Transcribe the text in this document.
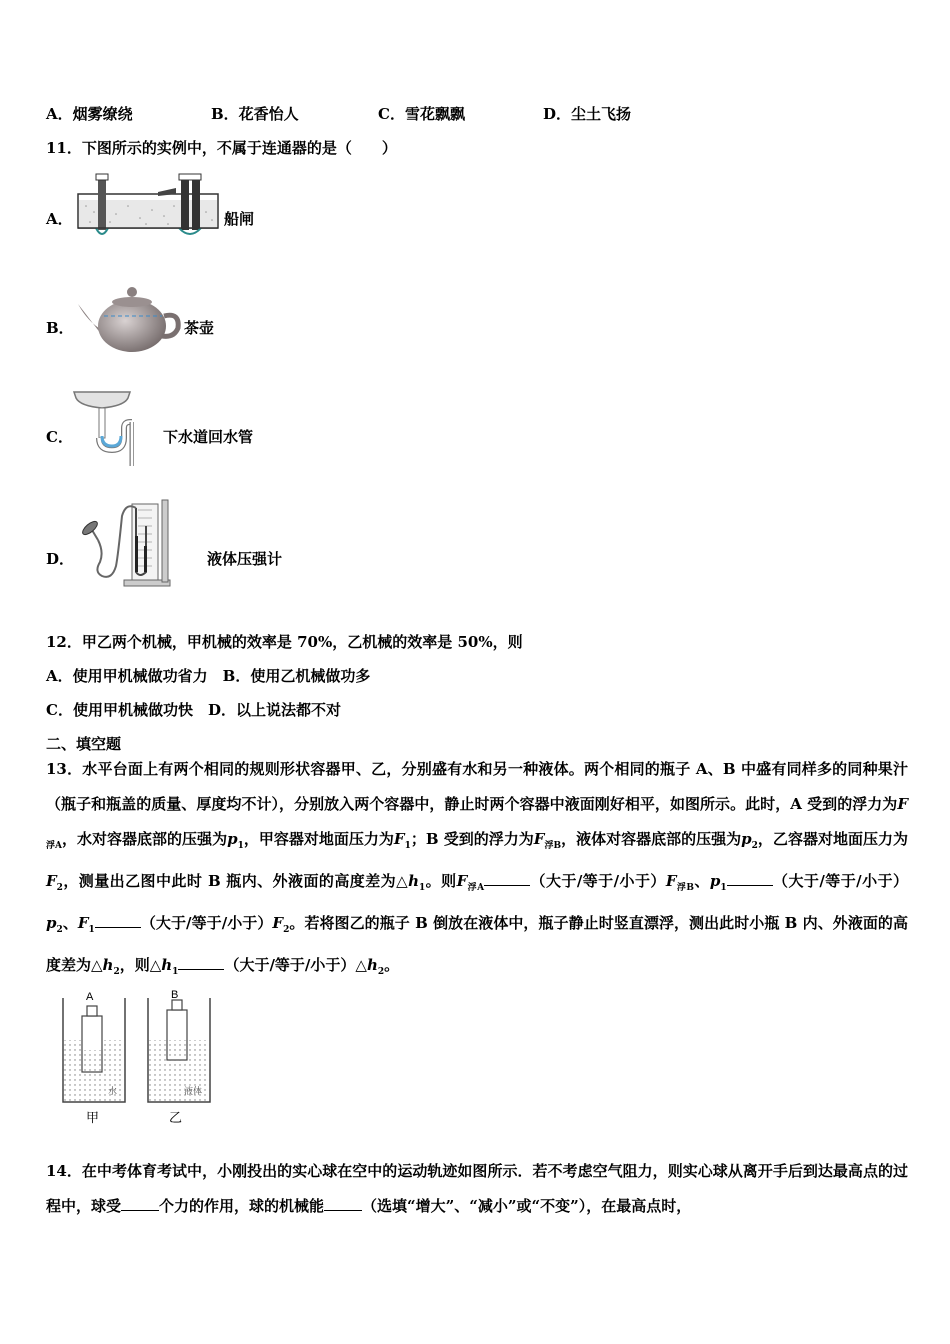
A．烟雾缭绕	B．花香怡人	C．雪花飘飘	D．尘土飞扬
11．下图所示的实例中，不属于连通器的是（　　）
A．	船闸
B．	茶壶
C．	下水道回水管
D．	液体压强计
12．甲乙两个机械，甲机械的效率是 70%，乙机械的效率是 50%，则
A．使用甲机械做功省力　B．使用乙机械做功多
C．使用甲机械做功快　D．以上说法都不对
二、填空题
13．水平台面上有两个相同的规则形状容器甲、乙，分别盛有水和另一种液体。两个相同的瓶子 A、B 中盛有同样多的同种果汁（瓶子和瓶盖的质量、厚度均不计），分别放入两个容器中，静止时两个容器中液面刚好相平，如图所示。此时，A 受到的浮力为$F_{浮A}$，水对容器底部的压强为$p_1$，甲容器对地面压力为$F_1$；B 受到的浮力为$F_{浮B}$，液体对容器底部的压强为$p_2$，乙容器对地面压力为$F_2$，测量出乙图中此时 B 瓶内、外液面的高度差为$\triangle h_1$。则$F_{浮A}$	（大于/等于/小于）$F_{浮B}$、$p_1$	（大于/等于/小于）$p_2$、$F_1$	（大于/等于/小于）$F_2$。若将图乙的瓶子 B 倒放在液体中，瓶子静止时竖直漂浮，测出此时小瓶 B 内、外液面的高度差为$\triangle h_2$，则$\triangle h_1$	（大于/等于/小于）$\triangle h_2$。
A
水
甲
B
液体
乙
14．在中考体育考试中，小刚投出的实心球在空中的运动轨迹如图所示．若不考虑空气阻力，则实心球从离开手后到达最高点的过程中，球受	个力的作用，球的机械能	（选填“增大”、“减小”或“不变”），在最高点时，
